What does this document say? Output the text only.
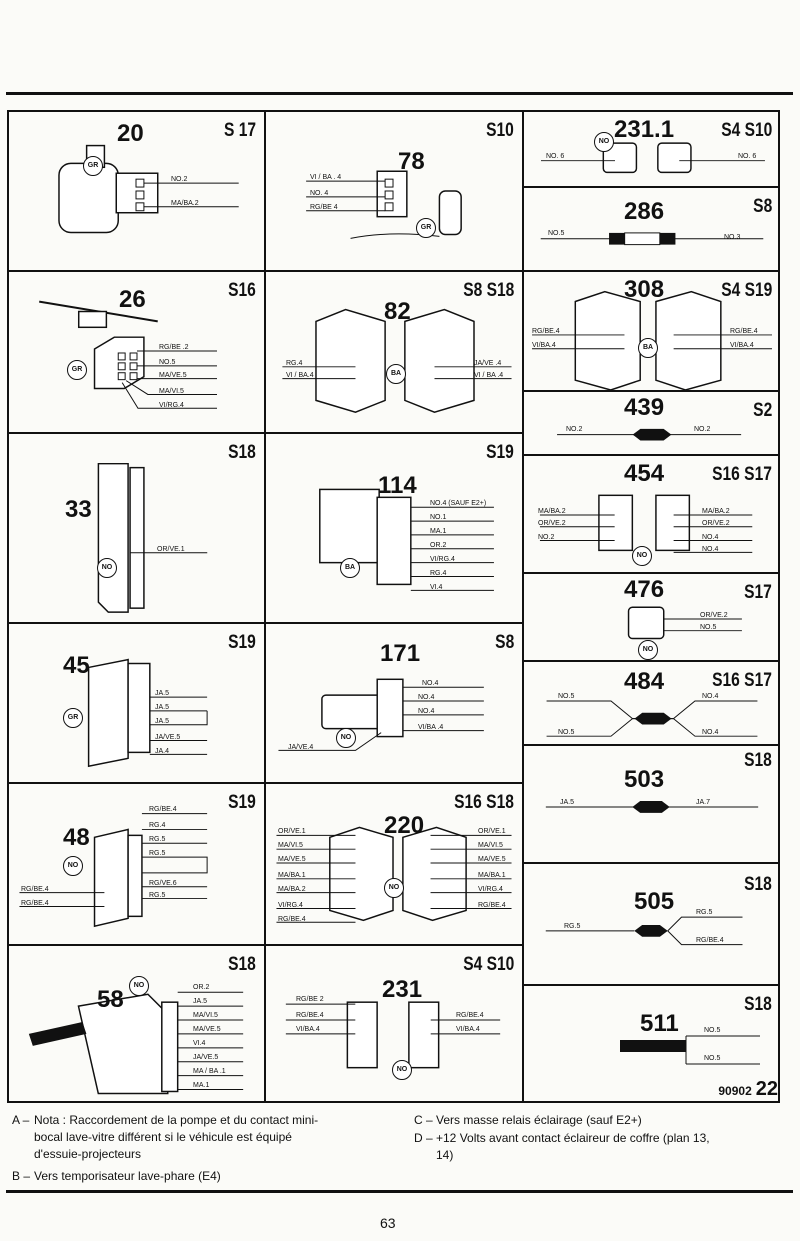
20	S 17
GR
NO.2
MA/BA.2
78
S10
GR
VI / BA . 4
NO. 4
RG/BE 4
231.1 S4 S10
NO
NO. 6	NO. 6
286	S8
NO.5
NO.3
26	S16
GR
RG/BE .2
NO.5
MA/VE.5
MA/VI.5
VI/RG.4
82
S8 S18
BA
RG.4
VI / BA.4
JA/VE .4
VI / BA .4
308	S4 S19
BA
RG/BE.4
VI/BA.4
RG/BE.4
VI/BA.4
439	S2
NO.2	NO.2
33
S18
NO
OR/VE.1
114
S19
BA
NO.4 (SAUF E2+)
NO.1
MA.1
OR.2
VI/RG.4
RG.4
VI.4
454	S16 S17
NO
MA/BA.2
OR/VE.2
NO.2
MA/BA.2
OR/VE.2
NO.4
NO.4
476	S17
NO
OR/VE.2
NO.5
45
S19
GR
JA.5
JA.5
JA.5
JA/VE.5
JA.4
171	S8
NO
NO.4
NO.4
NO.4
JA/VE.4
VI/BA .4
484	S16 S17
NO.5
NO.5
NO.4
NO.4
48
S19
NO
RG/BE.4
RG.4
RG.5
RG.5
RG/VE.6
RG.5
RG/BE.4
RG/BE.4
220
S16 S18
NO
OR/VE.1
MA/VI.5
MA/VE.5
MA/BA.1
MA/BA.2
VI/RG.4
RG/BE.4
OR/VE.1
MA/VI.5
MA/VE.5
MA/BA.1
VI/RG.4
RG/BE.4
503
S18
JA.5	JA.7
505
S18
RG.5
RG.5
RG/BE.4
58
S18
NO	OR.2
JA.5
MA/VI.5
MA/VE.5
VI.4
JA/VE.5
MA / BA .1
MA.1
231
S4 S10
NO
RG/BE 2
RG/BE.4
VI/BA.4
RG/BE.4
VI/BA.4	511
S18
NO.5
NO.5
90902 22
A – Nota : Raccordement de la pompe et du contact mini-
bocal lave-vitre différent si le véhicule est équipé
d'essuie-projecteurs
B – Vers temporisateur lave-phare (E4)
C – Vers masse relais éclairage (sauf E2+)
D – +12 Volts avant contact éclaireur de coffre (plan 13,
14)
63
